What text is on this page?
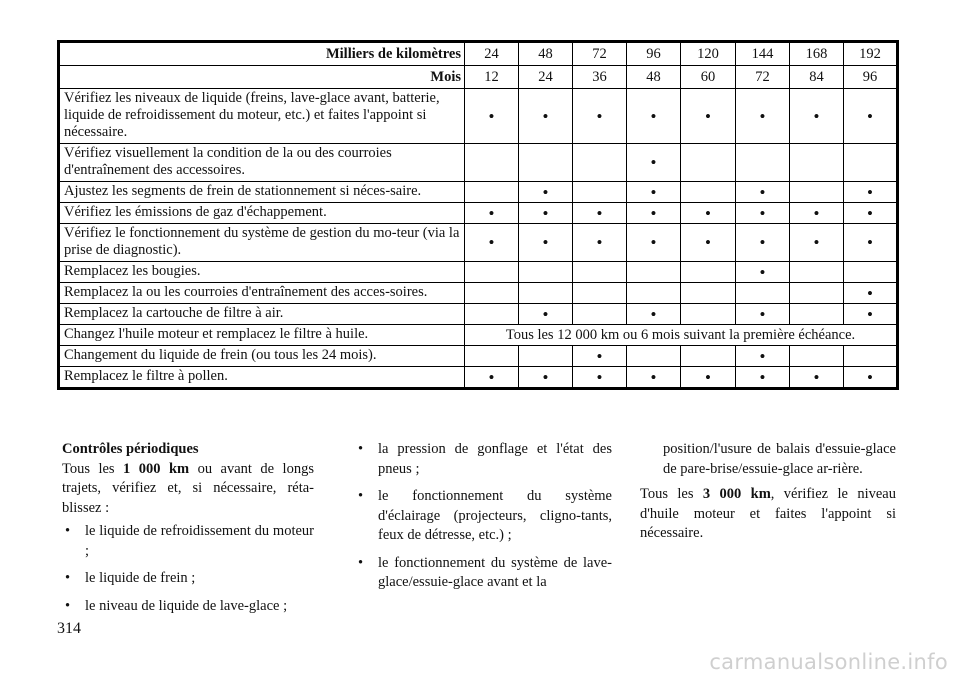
Milliers de kilomètres	24	48	72	96	120	144	168	192
Mois	12	24	36	48	60	72	84	96
Vérifiez les niveaux de liquide (freins, lave-glace avant, batterie, liquide de refroidissement du moteur, etc.) et faites l'appoint si nécessaire.	•	•	•	•	•	•	•	•
Vérifiez visuellement la condition de la ou des courroies d'entraînement des accessoires.				•				
Ajustez les segments de frein de stationnement si néces-saire.		•		•		•		•
Vérifiez les émissions de gaz d'échappement.	•	•	•	•	•	•	•	•
Vérifiez le fonctionnement du système de gestion du mo-teur (via la prise de diagnostic).	•	•	•	•	•	•	•	•
Remplacez les bougies.						•		
Remplacez la ou les courroies d'entraînement des acces-soires.								•
Remplacez la cartouche de filtre à air.		•		•		•		•
Changez l'huile moteur et remplacez le filtre à huile.	Tous les 12 000 km ou 6 mois suivant la première échéance.							
Changement du liquide de frein (ou tous les 24 mois).			•			•		
Remplacez le filtre à pollen.	•	•	•	•	•	•	•	•

Contrôles périodiques

Tous les 1 000 km ou avant de longs trajets, vérifiez et, si nécessaire, réta-blissez :

• le liquide de refroidissement du moteur ;
• le liquide de frein ;
• le niveau de liquide de lave-glace ;
• la pression de gonflage et l'état des pneus ;
• le fonctionnement du système d'éclairage (projecteurs, cligno-tants, feux de détresse, etc.) ;
• le fonctionnement du système de lave-glace/essuie-glace avant et la

position/l'usure de balais d'essuie-glace de pare-brise/essuie-glace ar-rière.

Tous les 3 000 km, vérifiez le niveau d'huile moteur et faites l'appoint si nécessaire.

314
carmanualsonline.info
